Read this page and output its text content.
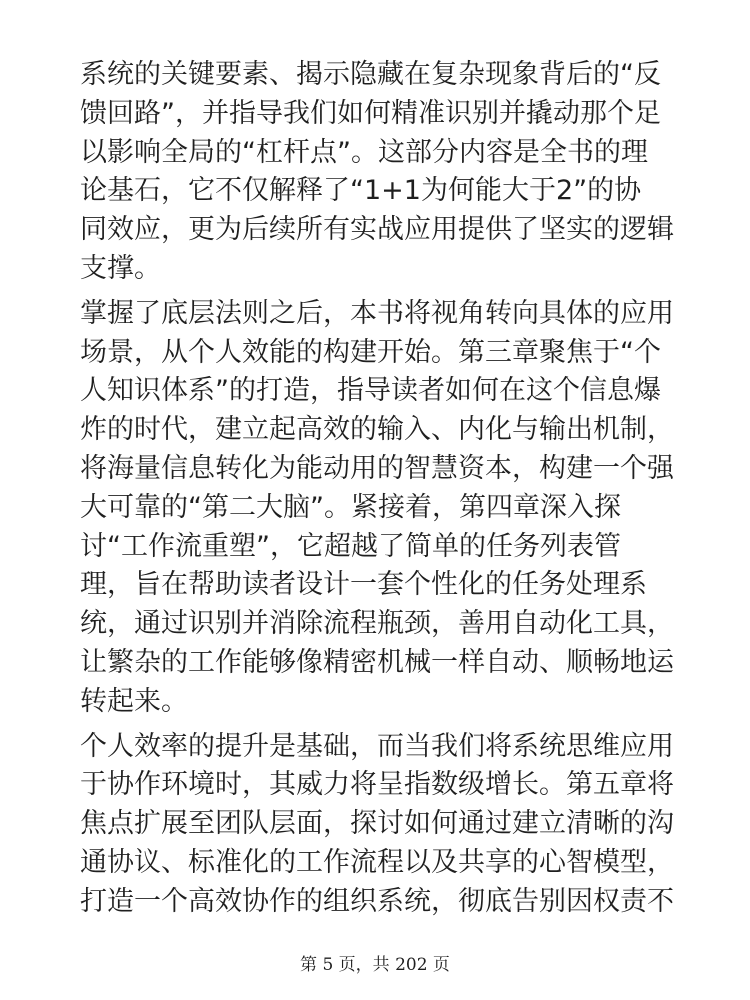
系统的关键要素、揭示隐藏在复杂现象背后的“反
馈回路”，并指导我们如何精准识别并撬动那个足
以影响全局的“杠杆点”。这部分内容是全书的理
论基石，它不仅解释了“1+1为何能大于2”的协
同效应，更为后续所有实战应用提供了坚实的逻辑
支撑。

掌握了底层法则之后，本书将视角转向具体的应用
场景，从个人效能的构建开始。第三章聚焦于“个
人知识体系”的打造，指导读者如何在这个信息爆
炸的时代，建立起高效的输入、内化与输出机制，
将海量信息转化为能动用的智慧资本，构建一个强
大可靠的“第二大脑”。紧接着，第四章深入探
讨“工作流重塑”，它超越了简单的任务列表管
理，旨在帮助读者设计一套个性化的任务处理系
统，通过识别并消除流程瓶颈，善用自动化工具，
让繁杂的工作能够像精密机械一样自动、顺畅地运
转起来。

个人效率的提升是基础，而当我们将系统思维应用
于协作环境时，其威力将呈指数级增长。第五章将
焦点扩展至团队层面，探讨如何通过建立清晰的沟
通协议、标准化的工作流程以及共享的心智模型，
打造一个高效协作的组织系统，彻底告别因权责不

第 5 页，共 202 页
